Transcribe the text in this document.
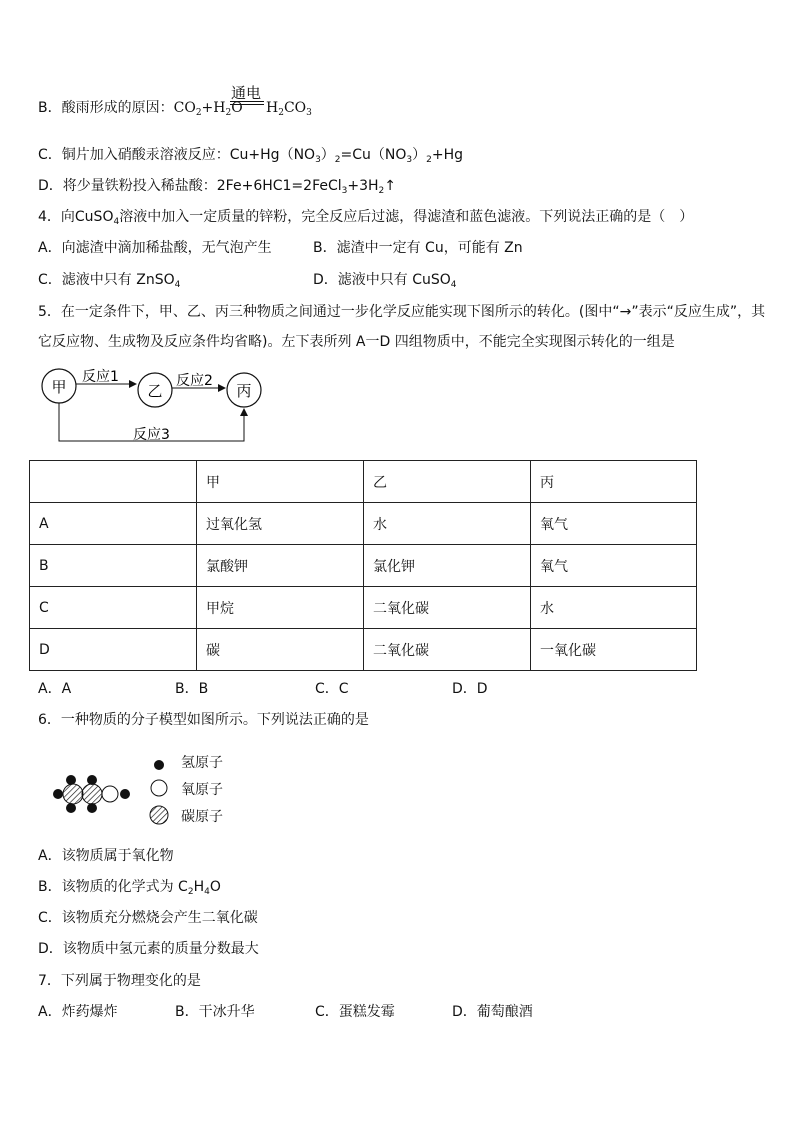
B．酸雨形成的原因：$CO_2+H_2O$
通电
$H_2CO_3$
C．铜片加入硝酸汞溶液反应：$Cu+Hg(NO_3)_2=Cu(NO_3)_2+Hg$
D．将少量铁粉投入稀盐酸：$2Fe+6HC1=2FeCl_3+3H_2↑$
4．向CuSO$_4$溶液中加入一定质量的锌粉，完全反应后过滤，得滤渣和蓝色滤液。下列说法正确的是（　）
A．向滤渣中滴加稀盐酸，无气泡产生	B．滤渣中一定有 Cu，可能有 Zn
C．滤液中只有 ZnSO$_4$	D．滤液中只有 CuSO$_4$
5．在一定条件下，甲、乙、丙三种物质之间通过一步化学反应能实现下图所示的转化。(图中“→”表示“反应生成”，其
它反应物、生成物及反应条件均省略)。左下表所列 A一D 四组物质中，不能完全实现图示转化的一组是
甲	乙	丙
反应1	反应2
反应3
	甲	乙	丙
A	过氧化氢	水	氧气
B	氯酸钾	氯化钾	氧气
C	甲烷	二氧化碳	水
D	碳	二氧化碳	一氧化碳
A．A	B．B	C．C	D．D
6．一种物质的分子模型如图所示。下列说法正确的是
氢原子
氧原子
碳原子
A．该物质属于氧化物
B．该物质的化学式为 $C_2H_4O$
C．该物质充分燃烧会产生二氧化碳
D．该物质中氢元素的质量分数最大
7．下列属于物理变化的是
A．炸药爆炸	B．干冰升华	C．蛋糕发霉	D．葡萄酿酒
